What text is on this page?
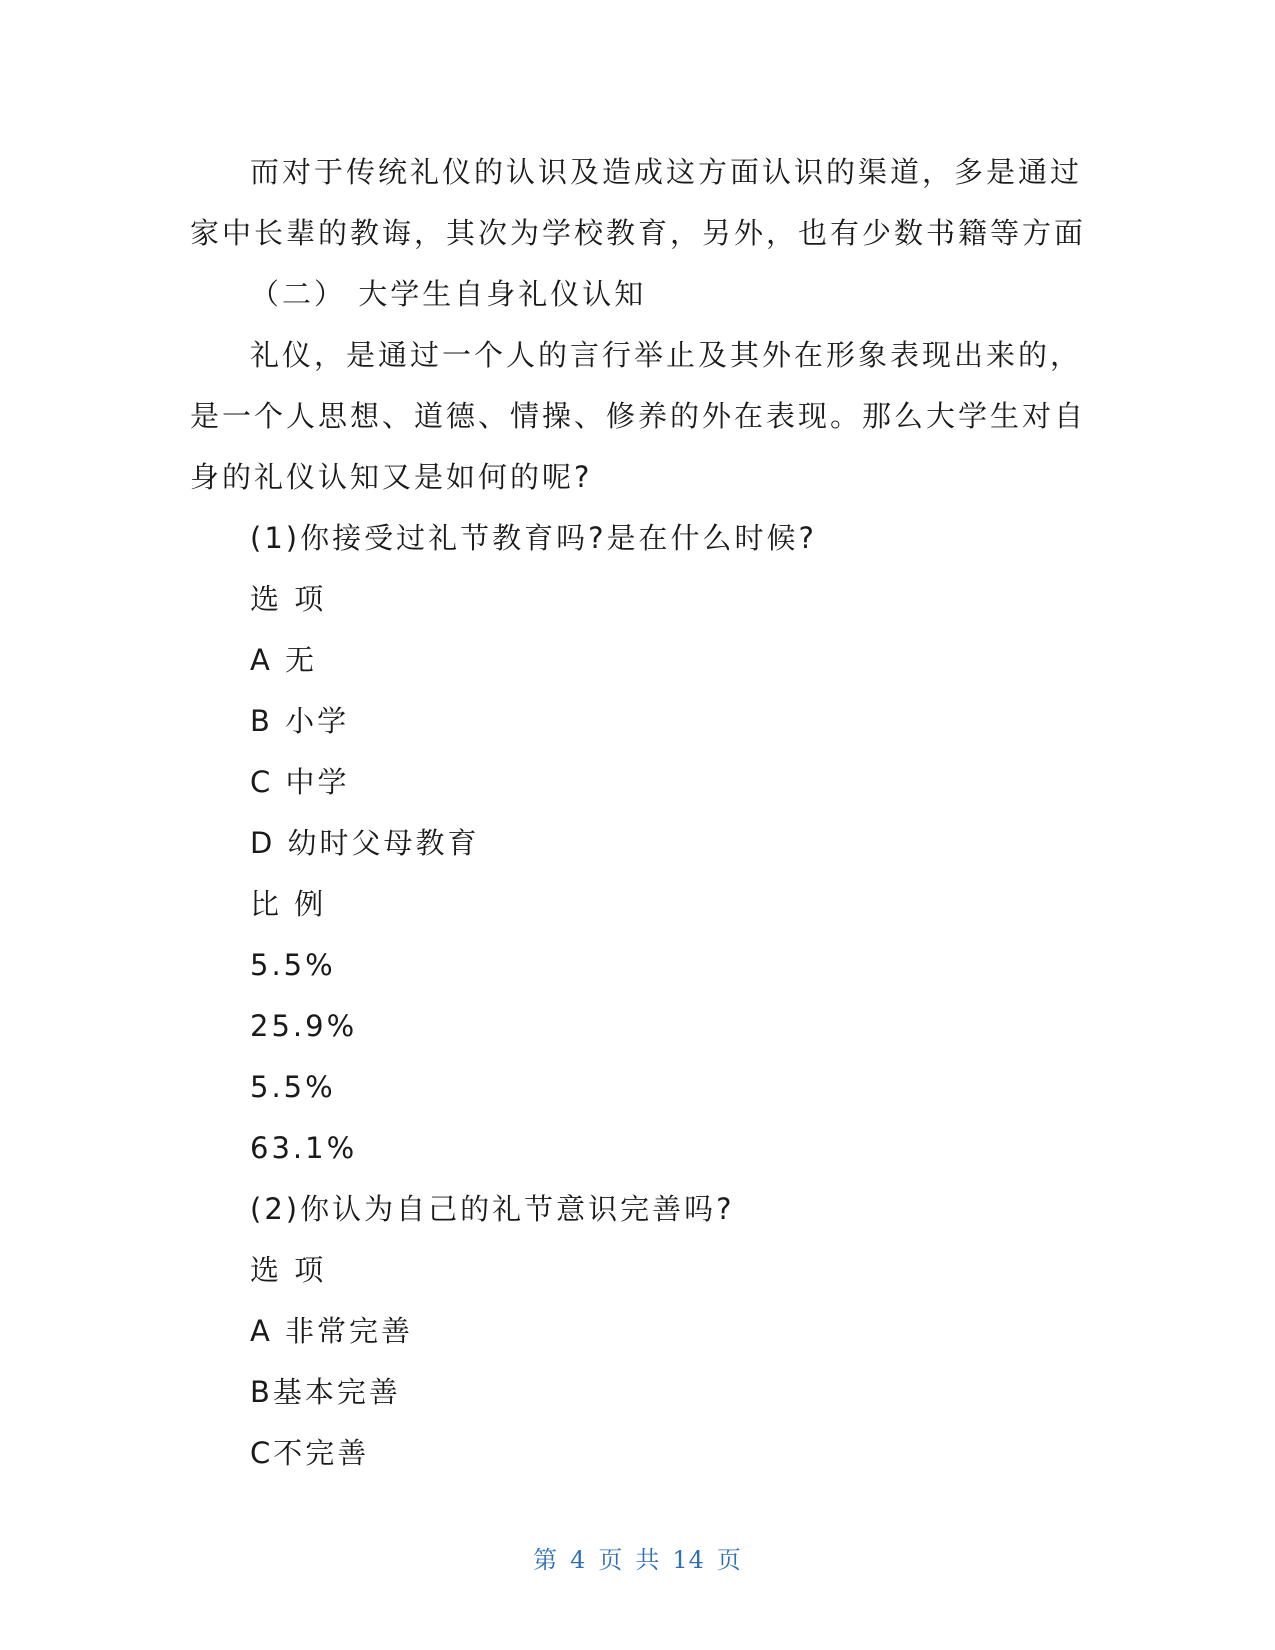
而对于传统礼仪的认识及造成这方面认识的渠道，多是通过
家中长辈的教诲，其次为学校教育，另外，也有少数书籍等方面
（二） 大学生自身礼仪认知
礼仪，是通过一个人的言行举止及其外在形象表现出来的，
是一个人思想、道德、情操、修养的外在表现。那么大学生对自
身的礼仪认知又是如何的呢?
(1)你接受过礼节教育吗?是在什么时候?
选 项
A 无
B 小学
C 中学
D 幼时父母教育
比 例
5.5%
25.9%
5.5%
63.1%
(2)你认为自己的礼节意识完善吗?
选 项
A 非常完善
B基本完善
C不完善
第 4 页 共 14 页
